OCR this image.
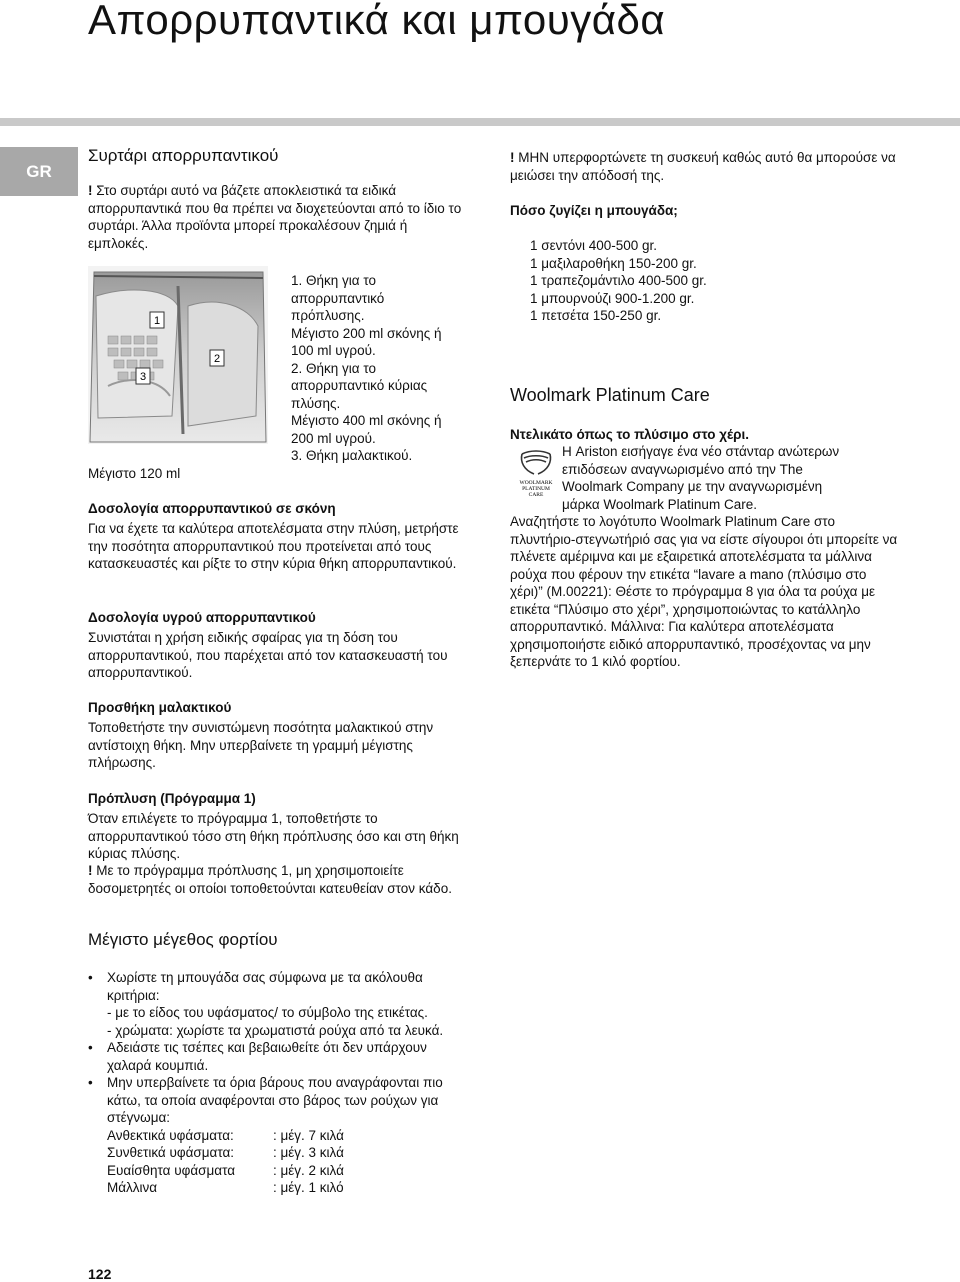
Απορρυπαντικά και μπουγάδα
GR
Συρτάρι απορρυπαντικού

! Στο συρτάρι αυτό να βάζετε αποκλειστικά τα ειδικά απορρυπαντικά που θα πρέπει να διοχετεύονται από το ίδιο το συρτάρι. Άλλα προϊόντα μπορεί προκαλέσουν ζημιά ή εμπλοκές.

1
2
3
Μέγιστο 120 ml
1. Θήκη για το
απορρυπαντικό
πρόπλυσης.
Μέγιστο 200 ml σκόνης ή
100 ml υγρού.
2. Θήκη για το
απορρυπαντικό κύριας
πλύσης.
Μέγιστο 400 ml σκόνης ή
200 ml υγρού.
3. Θήκη μαλακτικού.
Δοσολογία απορρυπαντικού σε σκόνη

Για να έχετε τα καλύτερα αποτελέσματα στην πλύση, μετρήστε την ποσότητα απορρυπαντικού που προτείνεται από τους κατασκευαστές και ρίξτε το στην κύρια θήκη απορρυπαντικού.

Δοσολογία υγρού απορρυπαντικού

Συνιστάται η χρήση ειδικής σφαίρας για τη δόση του απορρυπαντικού, που παρέχεται από τον κατασκευαστή του απορρυπαντικού.

Προσθήκη μαλακτικού

Τοποθετήστε την συνιστώμενη ποσότητα μαλακτικού στην αντίστοιχη θήκη. Μην υπερβαίνετε τη γραμμή μέγιστης πλήρωσης.

Πρόπλυση (Πρόγραμμα 1)

Όταν επιλέγετε το πρόγραμμα 1, τοποθετήστε το απορρυπαντικού τόσο στη θήκη πρόπλυσης όσο και στη θήκη κύριας πλύσης.

! Με το πρόγραμμα πρόπλυσης 1, μη χρησιμοποιείτε δοσομετρητές οι οποίοι τοποθετούνται κατευθείαν στον κάδο.

Μέγιστο μέγεθος φορτίου
• Χωρίστε τη μπουγάδα σας σύμφωνα με τα ακόλουθα κριτήρια:
- με το είδος του υφάσματος/ το σύμβολο της ετικέτας.
- χρώματα: χωρίστε τα χρωματιστά ρούχα από τα λευκά.
• Αδειάστε τις τσέπες και βεβαιωθείτε ότι δεν υπάρχουν χαλαρά κουμπιά.
• Μην υπερβαίνετε τα όρια βάρους που αναγράφονται πιο κάτω, τα οποία αναφέρονται στο βάρος των ρούχων για στέγνωμα:
Ανθεκτικά υφάσματα:	: μέγ. 7 κιλά
Συνθετικά υφάσματα:	: μέγ. 3 κιλά
Ευαίσθητα υφάσματα	: μέγ. 2 κιλά
Μάλλινα	: μέγ. 1 κιλό

! ΜΗΝ υπερφορτώνετε τη συσκευή καθώς αυτό θα μπορούσε να μειώσει την απόδοσή της.

Πόσο ζυγίζει η μπουγάδα;
1 σεντόνι 400-500 gr.
1 μαξιλαροθήκη 150-200 gr.
1 τραπεζομάντιλο 400-500 gr.
1 μπουρνούζι 900-1.200 gr.
1 πετσέτα 150-250 gr.
Woolmark Platinum Care
Ντελικάτο όπως το πλύσιμο στο χέρι.
WOOLMARK
PLATINUM
CARE
Η Ariston εισήγαγε ένα νέο στάνταρ ανώτερων
επιδόσεων αναγνωρισμένο από την The
Woolmark Company με την αναγνωρισμένη
μάρκα Woolmark Platinum Care.

Αναζητήστε το λογότυπο Woolmark Platinum Care στο πλυντήριο-στεγνωτήριό σας για να είστε σίγουροι ότι μπορείτε να πλένετε αμέριμνα και με εξαιρετικά αποτελέσματα τα μάλλινα ρούχα που φέρουν την ετικέτα “lavare a mano (πλύσιμο στο χέρι)” (M.00221): Θέστε το πρόγραμμα 8 για όλα τα ρούχα με ετικέτα “Πλύσιμο στο χέρι”, χρησιμοποιώντας το κατάλληλο απορρυπαντικό. Μάλλινα: Για καλύτερα αποτελέσματα χρησιμοποιήστε ειδικό απορρυπαντικό, προσέχοντας να μην ξεπερνάτε το 1 κιλό φορτίου.

122
